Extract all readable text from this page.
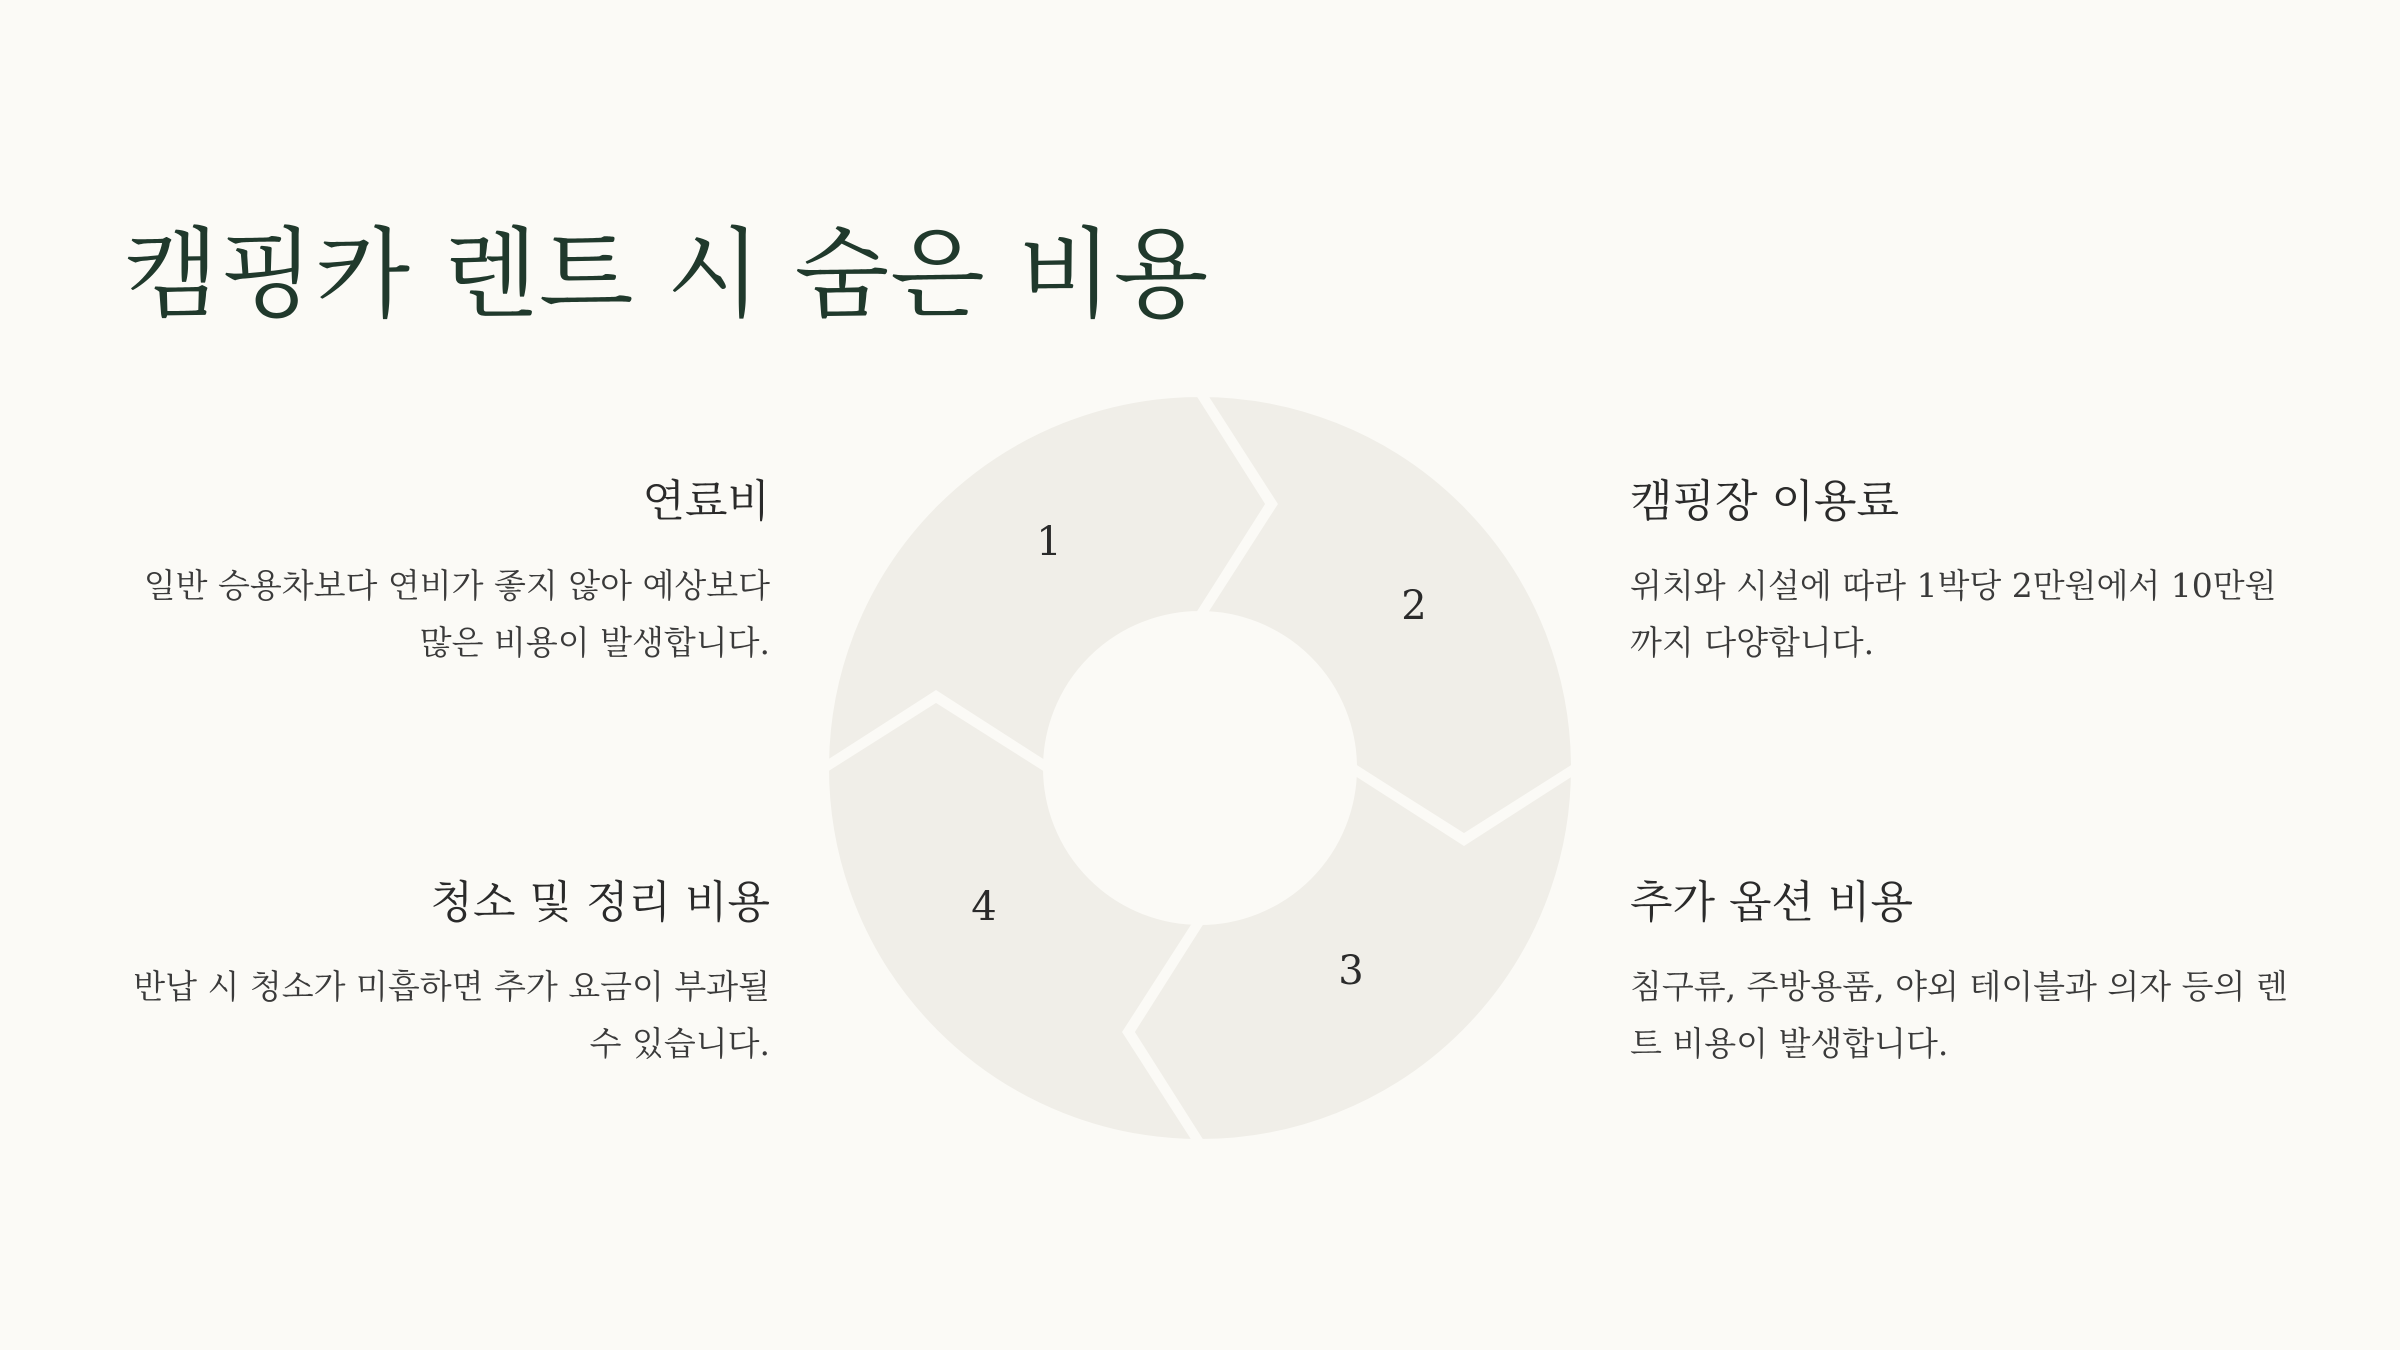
캠핑카 렌트 시 숨은 비용
연료비

일반 승용차보다 연비가 좋지 않아 예상보다 많은 비용이 발생합니다.

캠핑장 이용료

위치와 시설에 따라 1박당 2만원에서 10만원까지 다양합니다.

청소 및 정리 비용

반납 시 청소가 미흡하면 추가 요금이 부과될 수 있습니다.

추가 옵션 비용

침구류, 주방용품, 야외 테이블과 의자 등의 렌트 비용이 발생합니다.

1
2
3
4
